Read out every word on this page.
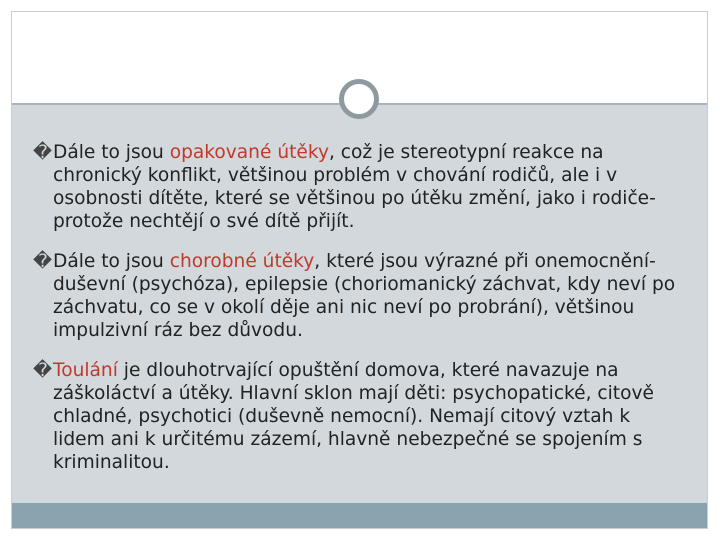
�Dále to jsou opakované útěky, což je stereotypní reakce na chronický konflikt, většinou problém v chování rodičů, ale i v osobnosti dítěte, které se většinou po útěku změní, jako i rodiče- protože nechtějí o své dítě přijít.

�Dále to jsou chorobné útěky, které jsou výrazné při onemocnění-duševní (psychóza), epilepsie (choriomanický záchvat, kdy neví po záchvatu, co se v okolí děje ani nic neví po probrání), většinou impulzivní ráz bez důvodu.

�Toulání je dlouhotrvající opuštění domova, které navazuje na záškoláctví a útěky. Hlavní sklon mají děti: psychopatické, citově chladné, psychotici (duševně nemocní). Nemají citový vztah k lidem ani k určitému zázemí, hlavně nebezpečné se spojením s kriminalitou.
